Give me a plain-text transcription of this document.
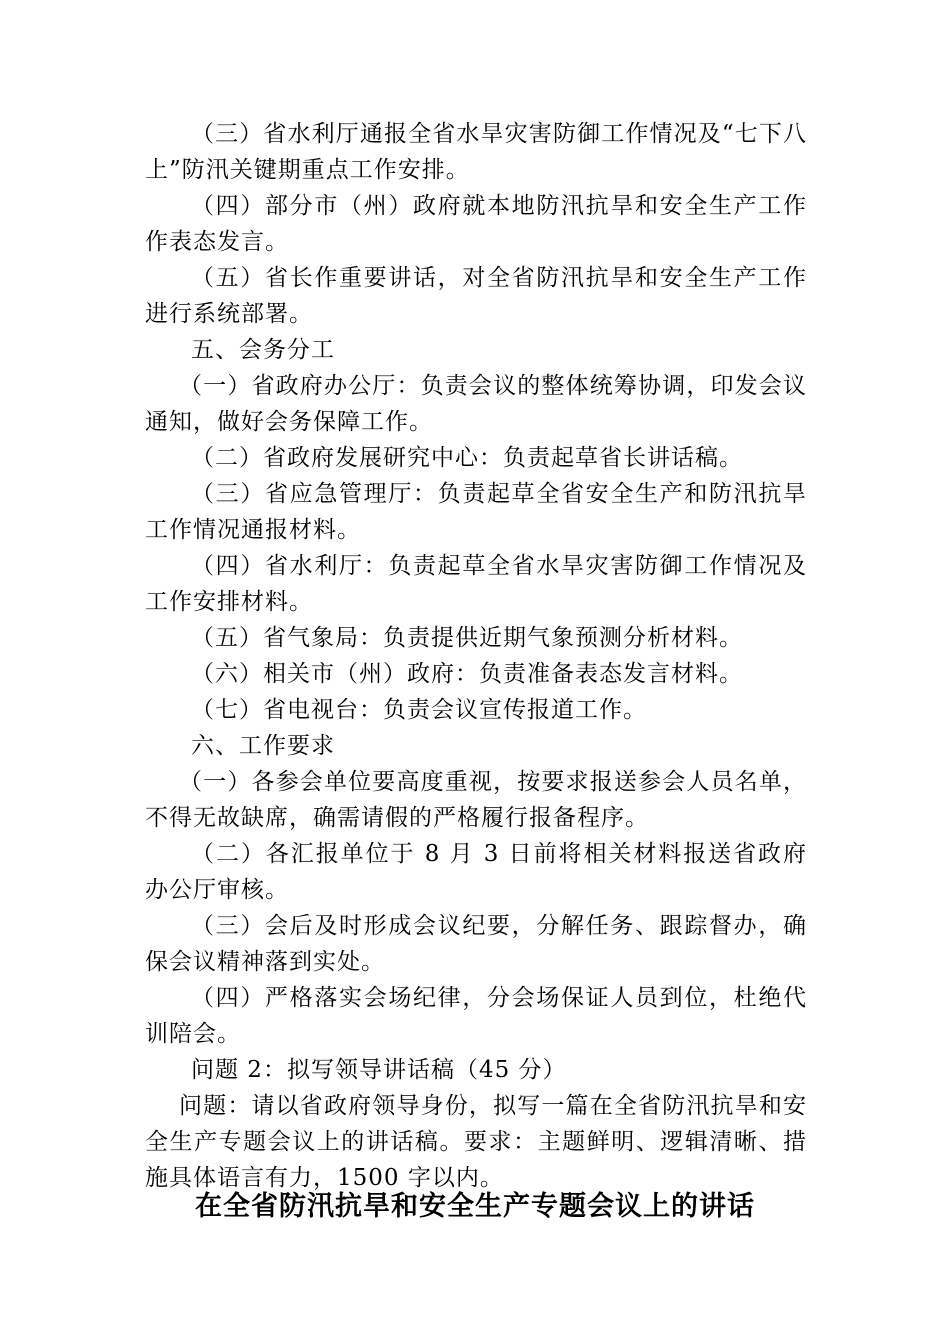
（三）省水利厅通报全省水旱灾害防御工作情况及“七下八上”防汛关键期重点工作安排。

（四）部分市（州）政府就本地防汛抗旱和安全生产工作作表态发言。

（五）省长作重要讲话，对全省防汛抗旱和安全生产工作进行系统部署。

五、会务分工

（一）省政府办公厅：负责会议的整体统筹协调，印发会议通知，做好会务保障工作。

（二）省政府发展研究中心：负责起草省长讲话稿。

（三）省应急管理厅：负责起草全省安全生产和防汛抗旱工作情况通报材料。

（四）省水利厅：负责起草全省水旱灾害防御工作情况及工作安排材料。

（五）省气象局：负责提供近期气象预测分析材料。

（六）相关市（州）政府：负责准备表态发言材料。

（七）省电视台：负责会议宣传报道工作。

六、工作要求

（一）各参会单位要高度重视，按要求报送参会人员名单，不得无故缺席，确需请假的严格履行报备程序。

（二）各汇报单位于 8 月 3 日前将相关材料报送省政府办公厅审核。

（三）会后及时形成会议纪要，分解任务、跟踪督办，确保会议精神落到实处。

（四）严格落实会场纪律，分会场保证人员到位，杜绝代训陪会。

问题 2：拟写领导讲话稿（45 分）

问题：请以省政府领导身份，拟写一篇在全省防汛抗旱和安全生产专题会议上的讲话稿。要求：主题鲜明、逻辑清晰、措施具体语言有力，1500 字以内。

在全省防汛抗旱和安全生产专题会议上的讲话
